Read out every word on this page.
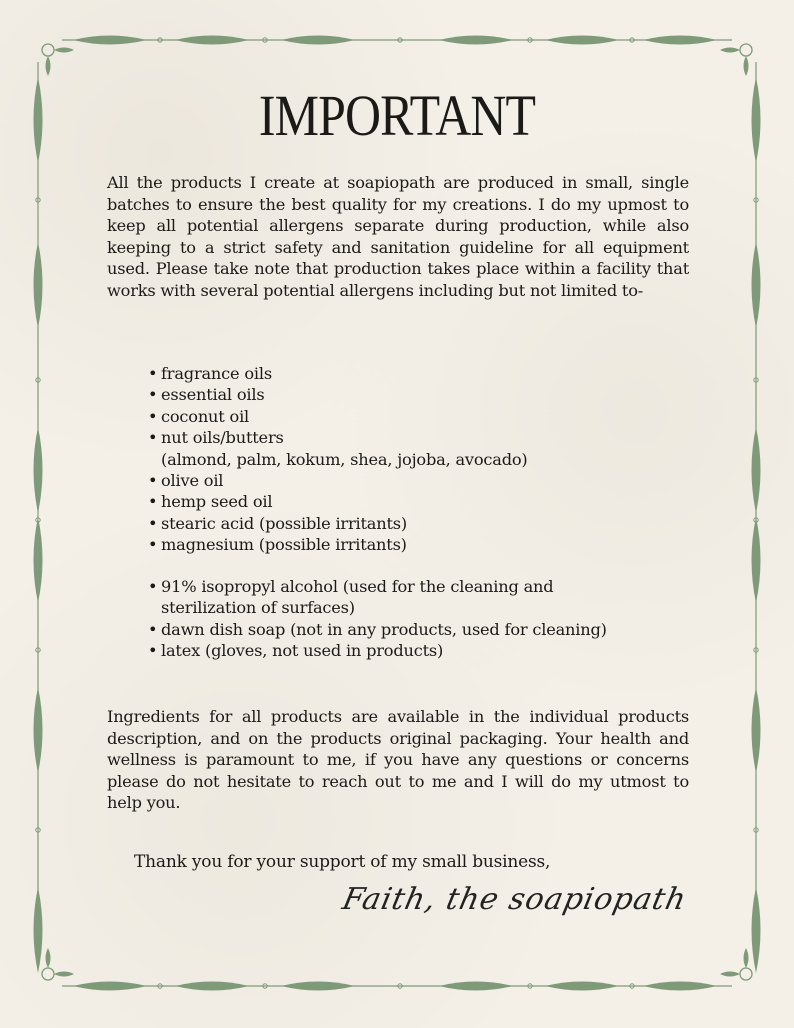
IMPORTANT
All the products I create at soapiopath are produced in small, single batches to ensure the best quality for my creations. I do my upmost to keep all potential allergens separate during production, while also keeping to a strict safety and sanitation guideline for all equipment used. Please take note that production takes place within a facility that works with several potential allergens including but not limited to-
• fragrance oils
• essential oils
• coconut oil
• nut oils/butters
(almond, palm, kokum, shea, jojoba, avocado)
• olive oil
• hemp seed oil
• stearic acid (possible irritants)
• magnesium (possible irritants)
• 91% isopropyl alcohol (used for the cleaning and
sterilization of surfaces)
• dawn dish soap (not in any products, used for cleaning)
• latex (gloves, not used in products)
Ingredients for all products are available in the individual products description, and on the products original packaging. Your health and wellness is paramount to me, if you have any questions or concerns please do not hesitate to reach out to me and I will do my utmost to help you.
Thank you for your support of my small business,
Faith, the soapiopath
